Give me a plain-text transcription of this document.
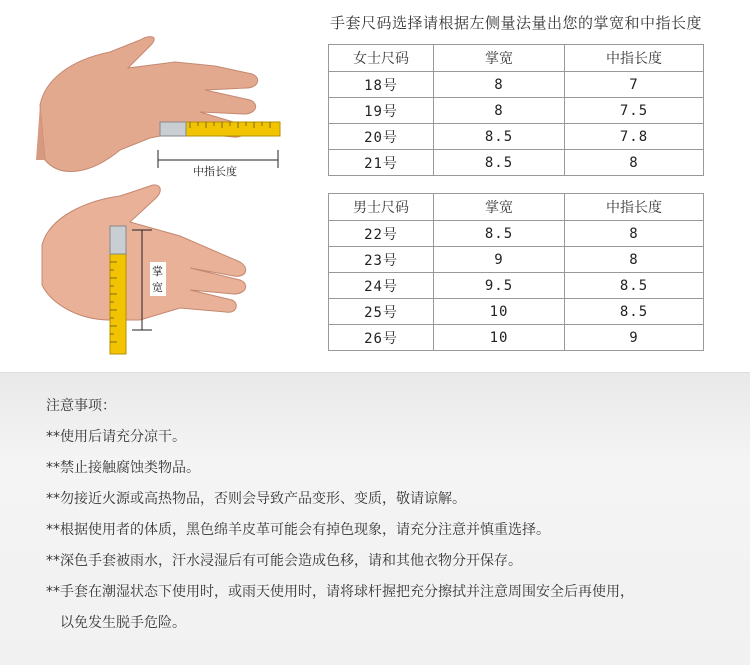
中指长度
掌
宽
手套尺码选择请根据左侧量法量出您的掌宽和中指长度
女士尺码	掌宽	中指长度
18号	8	7
19号	8	7.5
20号	8.5	7.8
21号	8.5	8
男士尺码	掌宽	中指长度
22号	8.5	8
23号	9	8
24号	9.5	8.5
25号	10	8.5
26号	10	9
注意事项：
**使用后请充分凉干。
**禁止接触腐蚀类物品。
**勿接近火源或高热物品，否则会导致产品变形、变质，敬请谅解。
**根据使用者的体质，黑色绵羊皮革可能会有掉色现象，请充分注意并慎重选择。
**深色手套被雨水，汗水浸湿后有可能会造成色移，请和其他衣物分开保存。
**手套在潮湿状态下使用时，或雨天使用时，请将球杆握把充分擦拭并注意周围安全后再使用，
以免发生脱手危险。
